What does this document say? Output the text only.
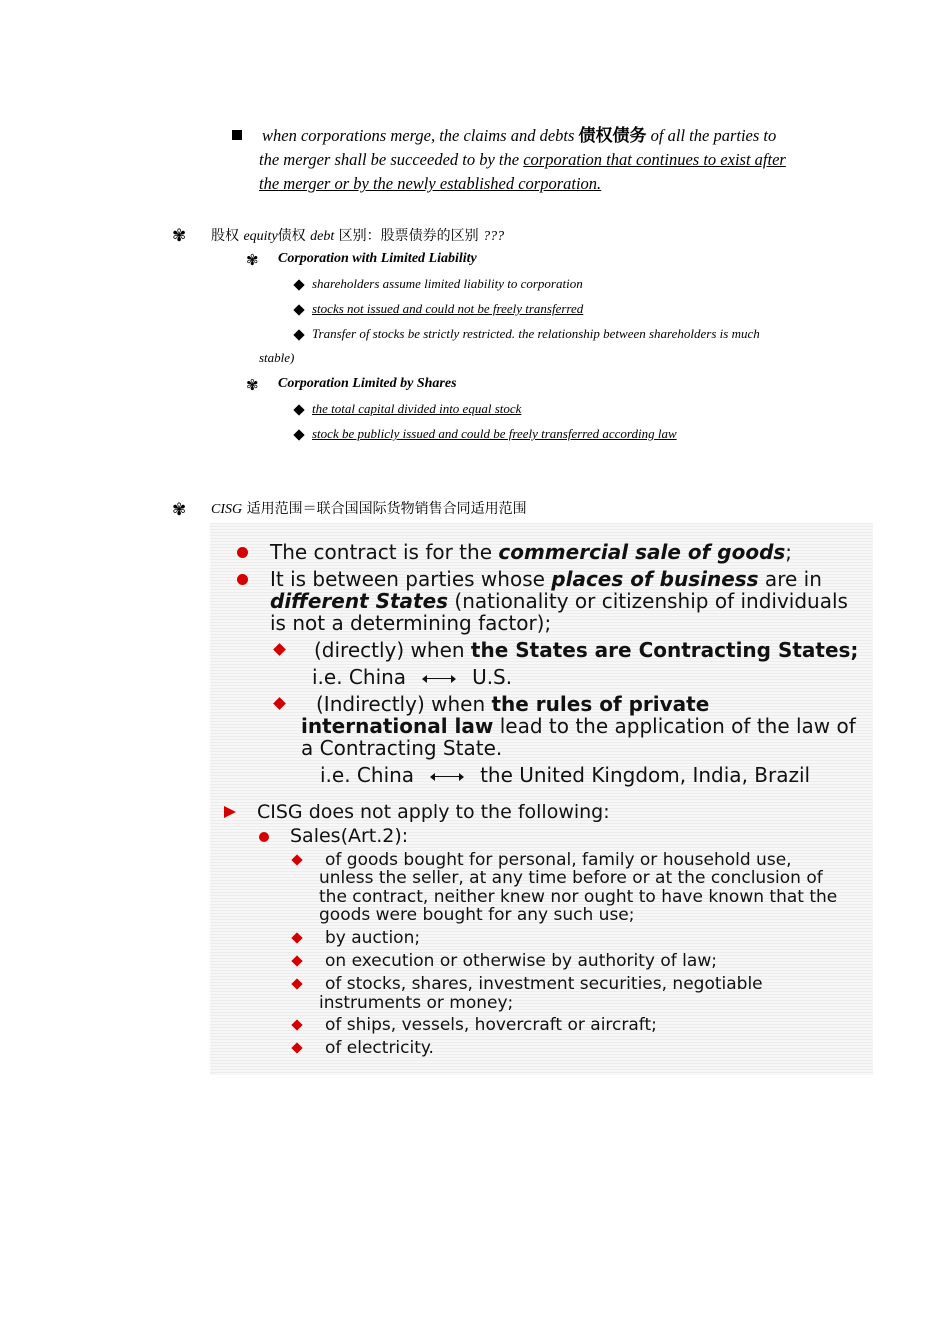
when corporations merge, the claims and debts 债权债务 of all the parties to
the merger shall be succeeded to by the corporation that continues to exist after
the merger or by the newly established corporation.
✾ 股权 equity债权 debt 区别：股票债券的区别 ???
✾ Corporation with Limited Liability
shareholders assume limited liability to corporation
stocks not issued and could not be freely transferred
Transfer of stocks be strictly restricted. the relationship between shareholders is much
stable)
✾ Corporation Limited by Shares
the total capital divided into equal stock
stock be publicly issued and could be freely transferred according law
✾ CISG 适用范围＝联合国国际货物销售合同适用范围
The contract is for the commercial sale of goods;
It is between parties whose places of business are in
different States (nationality or citizenship of individuals
is not a determining factor);
(directly) when the States are Contracting States;
i.e. China	U.S.
(Indirectly) when the rules of private
international law lead to the application of the law of
a Contracting State.
i.e. China	the United Kingdom, India, Brazil
CISG does not apply to the following:
Sales(Art.2):
of goods bought for personal, family or household use,
unless the seller, at any time before or at the conclusion of
the contract, neither knew nor ought to have known that the
goods were bought for any such use;
by auction;
on execution or otherwise by authority of law;
of stocks, shares, investment securities, negotiable
instruments or money;
of ships, vessels, hovercraft or aircraft;
of electricity.
